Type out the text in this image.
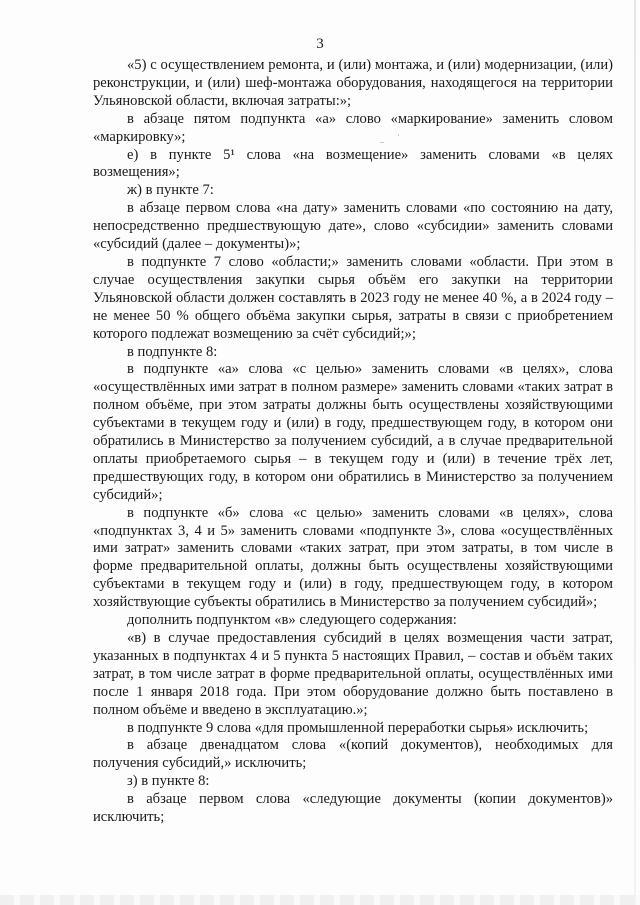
3

«5) с осуществлением ремонта, и (или) монтажа, и (или) модернизации, (или) реконструкции, и (или) шеф-монтажа оборудования, находящегося на территории Ульяновской области, включая затраты:»;

в абзаце пятом подпункта «а» слово «маркирование» заменить словом «маркировку»;

е) в пункте 5¹ слова «на возмещение» заменить словами «в целях возмещения»;

ж) в пункте 7:

в абзаце первом слова «на дату» заменить словами «по состоянию на дату, непосредственно предшествующую дате», слово «субсидии» заменить словами «субсидий (далее – документы)»;

в подпункте 7 слово «области;» заменить словами «области. При этом в случае осуществления закупки сырья объём его закупки на территории Ульяновской области должен составлять в 2023 году не менее 40 %, а в 2024 году – не менее 50 % общего объёма закупки сырья, затраты в связи с приобретением которого подлежат возмещению за счёт субсидий;»;

в подпункте 8:

в подпункте «а» слова «с целью» заменить словами «в целях», слова «осуществлённых ими затрат в полном размере» заменить словами «таких затрат в полном объёме, при этом затраты должны быть осуществлены хозяйствующими субъектами в текущем году и (или) в году, предшествующем году, в котором они обратились в Министерство за получением субсидий, а в случае предварительной оплаты приобретаемого сырья – в текущем году и (или) в течение трёх лет, предшествующих году, в котором они обратились в Министерство за получением субсидий»;

в подпункте «б» слова «с целью» заменить словами «в целях», слова «подпунктах 3, 4 и 5» заменить словами «подпункте 3», слова «осуществлённых ими затрат» заменить словами «таких затрат, при этом затраты, в том числе в форме предварительной оплаты, должны быть осуществлены хозяйствующими субъектами в текущем году и (или) в году, предшествующем году, в котором хозяйствующие субъекты обратились в Министерство за получением субсидий»;

дополнить подпунктом «в» следующего содержания:

«в) в случае предоставления субсидий в целях возмещения части затрат, указанных в подпунктах 4 и 5 пункта 5 настоящих Правил, – состав и объём таких затрат, в том числе затрат в форме предварительной оплаты, осуществлённых ими после 1 января 2018 года. При этом оборудование должно быть поставлено в полном объёме и введено в эксплуатацию.»;

в подпункте 9 слова «для промышленной переработки сырья» исключить;

в абзаце двенадцатом слова «(копий документов), необходимых для получения субсидий,» исключить;

з) в пункте 8:

в абзаце первом слова «следующие документы (копии документов)» исключить;
